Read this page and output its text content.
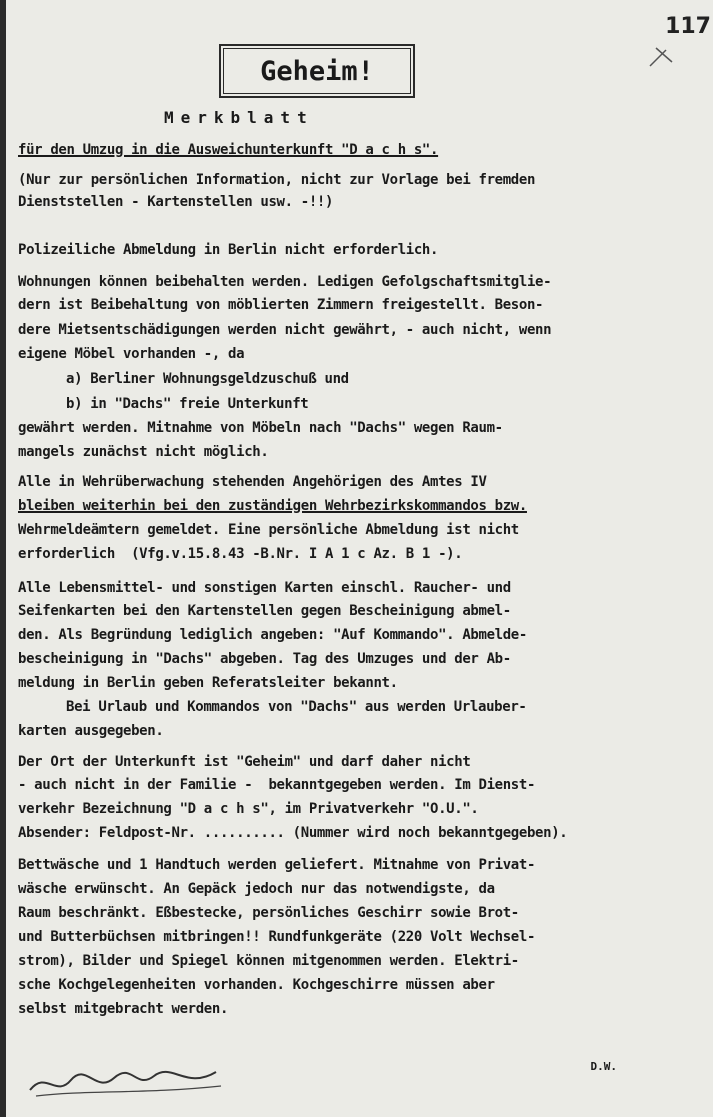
117
Geheim!
Merkblatt
für den Umzug in die Ausweichunterkunft "D a c h s".
(Nur zur persönlichen Information, nicht zur Vorlage bei fremden
Dienststellen - Kartenstellen usw. -!!)
Polizeiliche Abmeldung in Berlin nicht erforderlich.
Wohnungen können beibehalten werden. Ledigen Gefolgschaftsmitglie-
dern ist Beibehaltung von möblierten Zimmern freigestellt. Beson-
dere Mietsentschädigungen werden nicht gewährt, - auch nicht, wenn
eigene Möbel vorhanden -, da
a) Berliner Wohnungsgeldzuschuß und
b) in "Dachs" freie Unterkunft
gewährt werden. Mitnahme von Möbeln nach "Dachs" wegen Raum-
mangels zunächst nicht möglich.
Alle in Wehrüberwachung stehenden Angehörigen des Amtes IV
bleiben weiterhin bei den zuständigen Wehrbezirkskommandos bzw.
Wehrmeldeämtern gemeldet. Eine persönliche Abmeldung ist nicht
erforderlich  (Vfg.v.15.8.43 -B.Nr. I A 1 c Az. B 1 -).
Alle Lebensmittel- und sonstigen Karten einschl. Raucher- und
Seifenkarten bei den Kartenstellen gegen Bescheinigung abmel-
den. Als Begründung lediglich angeben: "Auf Kommando". Abmelde-
bescheinigung in "Dachs" abgeben. Tag des Umzuges und der Ab-
meldung in Berlin geben Referatsleiter bekannt.
Bei Urlaub und Kommandos von "Dachs" aus werden Urlauber-
karten ausgegeben.
Der Ort der Unterkunft ist "Geheim" und darf daher nicht
- auch nicht in der Familie -  bekanntgegeben werden. Im Dienst-
verkehr Bezeichnung "D a c h s", im Privatverkehr "O.U.".
Absender: Feldpost-Nr. .......... (Nummer wird noch bekanntgegeben).
Bettwäsche und 1 Handtuch werden geliefert. Mitnahme von Privat-
wäsche erwünscht. An Gepäck jedoch nur das notwendigste, da
Raum beschränkt. Eßbestecke, persönliches Geschirr sowie Brot-
und Butterbüchsen mitbringen!! Rundfunkgeräte (220 Volt Wechsel-
strom), Bilder und Spiegel können mitgenommen werden. Elektri-
sche Kochgelegenheiten vorhanden. Kochgeschirre müssen aber
selbst mitgebracht werden.
D.W.
